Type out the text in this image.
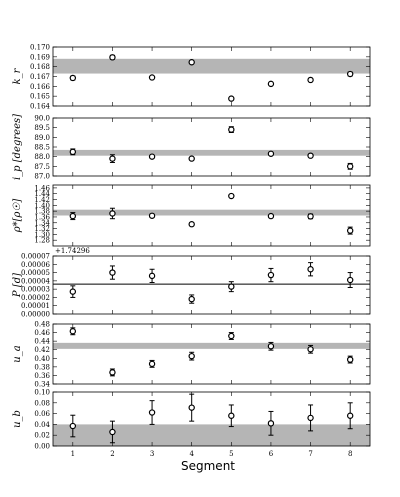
0.164
0.165
0.166
0.167
0.168
0.169
0.170
k_r
87.0
87.5
88.0
88.5
89.0
89.5
90.0
i_p [degrees]
1.28
1.30
1.32
1.34
1.36
1.38
1.40
1.42
1.44
1.46
ρ*[ρ☉]
0.00000
0.00001
0.00002
0.00003
0.00004
0.00005
0.00006
0.00007
+1.74296
P [d]
0.34
0.36
0.38
0.40
0.42
0.44
0.46
0.48
u_a
0.00
0.02
0.04
0.06
0.08
0.10
1	2	3	4	5	6	7	8
u_b
Segment
